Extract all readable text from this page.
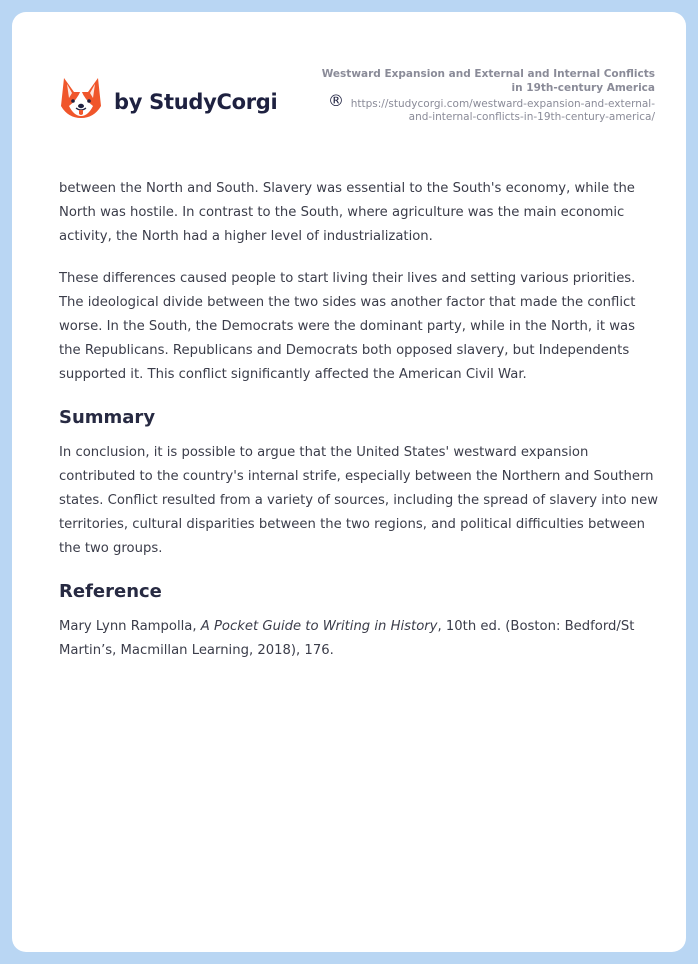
by StudyCorgi	®
Westward Expansion and External and Internal Conflicts
in 19th-century America
https://studycorgi.com/westward-expansion-and-external-
and-internal-conflicts-in-19th-century-america/

between the North and South. Slavery was essential to the South's economy, while the North was hostile. In contrast to the South, where agriculture was the main economic activity, the North had a higher level of industrialization.

These differences caused people to start living their lives and setting various priorities. The ideological divide between the two sides was another factor that made the conflict worse. In the South, the Democrats were the dominant party, while in the North, it was the Republicans. Republicans and Democrats both opposed slavery, but Independents supported it. This conflict significantly affected the American Civil War.

Summary

In conclusion, it is possible to argue that the United States' westward expansion contributed to the country's internal strife, especially between the Northern and Southern states. Conflict resulted from a variety of sources, including the spread of slavery into new territories, cultural disparities between the two regions, and political difficulties between the two groups.

Reference

Mary Lynn Rampolla, A Pocket Guide to Writing in History, 10th ed. (Boston: Bedford/St Martin’s, Macmillan Learning, 2018), 176.
